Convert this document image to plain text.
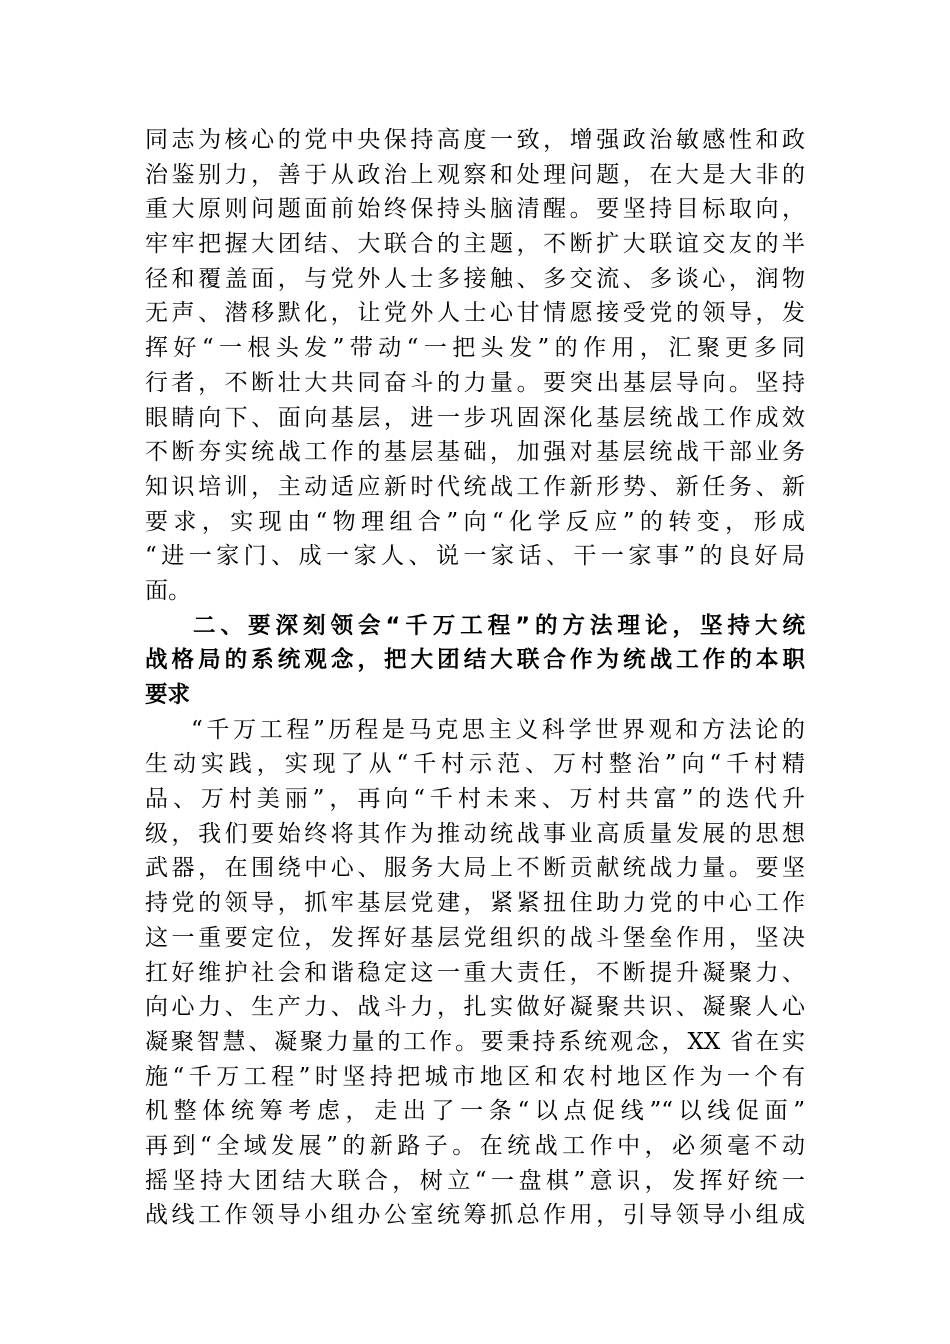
同志为核心的党中央保持高度一致，增强政治敏感性和政
治鉴别力，善于从政治上观察和处理问题，在大是大非的
重大原则问题面前始终保持头脑清醒。要坚持目标取向，
牢牢把握大团结、大联合的主题，不断扩大联谊交友的半
径和覆盖面，与党外人士多接触、多交流、多谈心，润物
无声、潜移默化，让党外人士心甘情愿接受党的领导，发
挥好“一根头发”带动“一把头发”的作用，汇聚更多同
行者，不断壮大共同奋斗的力量。要突出基层导向。坚持
眼睛向下、面向基层，进一步巩固深化基层统战工作成效
不断夯实统战工作的基层基础，加强对基层统战干部业务
知识培训，主动适应新时代统战工作新形势、新任务、新
要求，实现由“物理组合”向“化学反应”的转变，形成
“进一家门、成一家人、说一家话、干一家事”的良好局
面。
二、要深刻领会“千万工程”的方法理论，坚持大统
战格局的系统观念，把大团结大联合作为统战工作的本职
要求
“千万工程”历程是马克思主义科学世界观和方法论的
生动实践，实现了从“千村示范、万村整治”向“千村精
品、万村美丽”，再向“千村未来、万村共富”的迭代升
级，我们要始终将其作为推动统战事业高质量发展的思想
武器，在围绕中心、服务大局上不断贡献统战力量。要坚
持党的领导，抓牢基层党建，紧紧扭住助力党的中心工作
这一重要定位，发挥好基层党组织的战斗堡垒作用，坚决
扛好维护社会和谐稳定这一重大责任，不断提升凝聚力、
向心力、生产力、战斗力，扎实做好凝聚共识、凝聚人心
凝聚智慧、凝聚力量的工作。要秉持系统观念，XX 省在实
施“千万工程”时坚持把城市地区和农村地区作为一个有
机整体统筹考虑，走出了一条“以点促线”“以线促面”
再到“全域发展”的新路子。在统战工作中，必须毫不动
摇坚持大团结大联合，树立“一盘棋”意识，发挥好统一
战线工作领导小组办公室统筹抓总作用，引导领导小组成
